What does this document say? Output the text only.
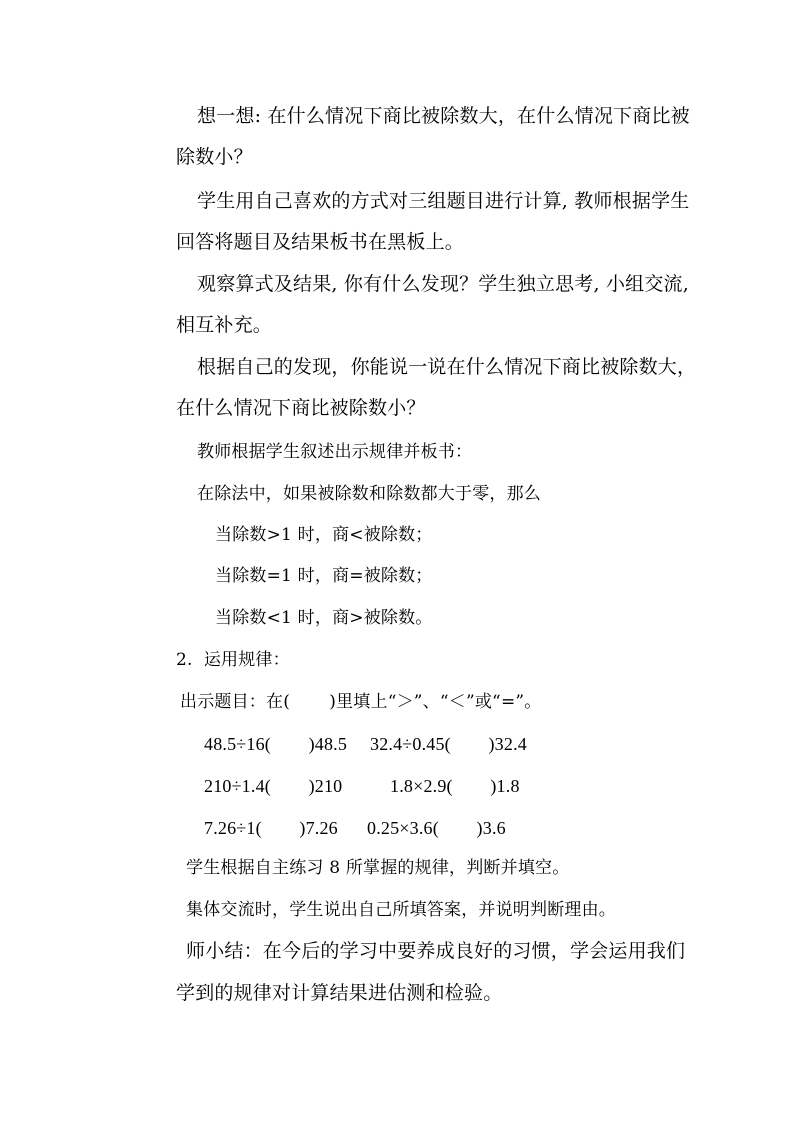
想一想: 在什么情况下商比被除数大，在什么情况下商比被
除数小？
学生用自己喜欢的方式对三组题目进行计算, 教师根据学生
回答将题目及结果板书在黑板上。
观察算式及结果, 你有什么发现？学生独立思考, 小组交流,
相互补充。
根据自己的发现，你能说一说在什么情况下商比被除数大，
在什么情况下商比被除数小？
教师根据学生叙述出示规律并板书：
在除法中，如果被除数和除数都大于零，那么
当除数>1 时，商<被除数；
当除数=1 时，商=被除数；
当除数<1 时，商>被除数。
2.  运用规律：
出示题目：在(       )里填上“＞”、“＜”或“=”。
48.5÷16(        )48.5 32.4÷0.45(        )32.4
210÷1.4(        )210	1.8×2.9(        )1.8
7.26÷1(        )7.26 0.25×3.6(        )3.6
学生根据自主练习 8 所掌握的规律，判断并填空。
集体交流时，学生说出自己所填答案，并说明判断理由。
师小结：在今后的学习中要养成良好的习惯，学会运用我们
学到的规律对计算结果进估测和检验。
